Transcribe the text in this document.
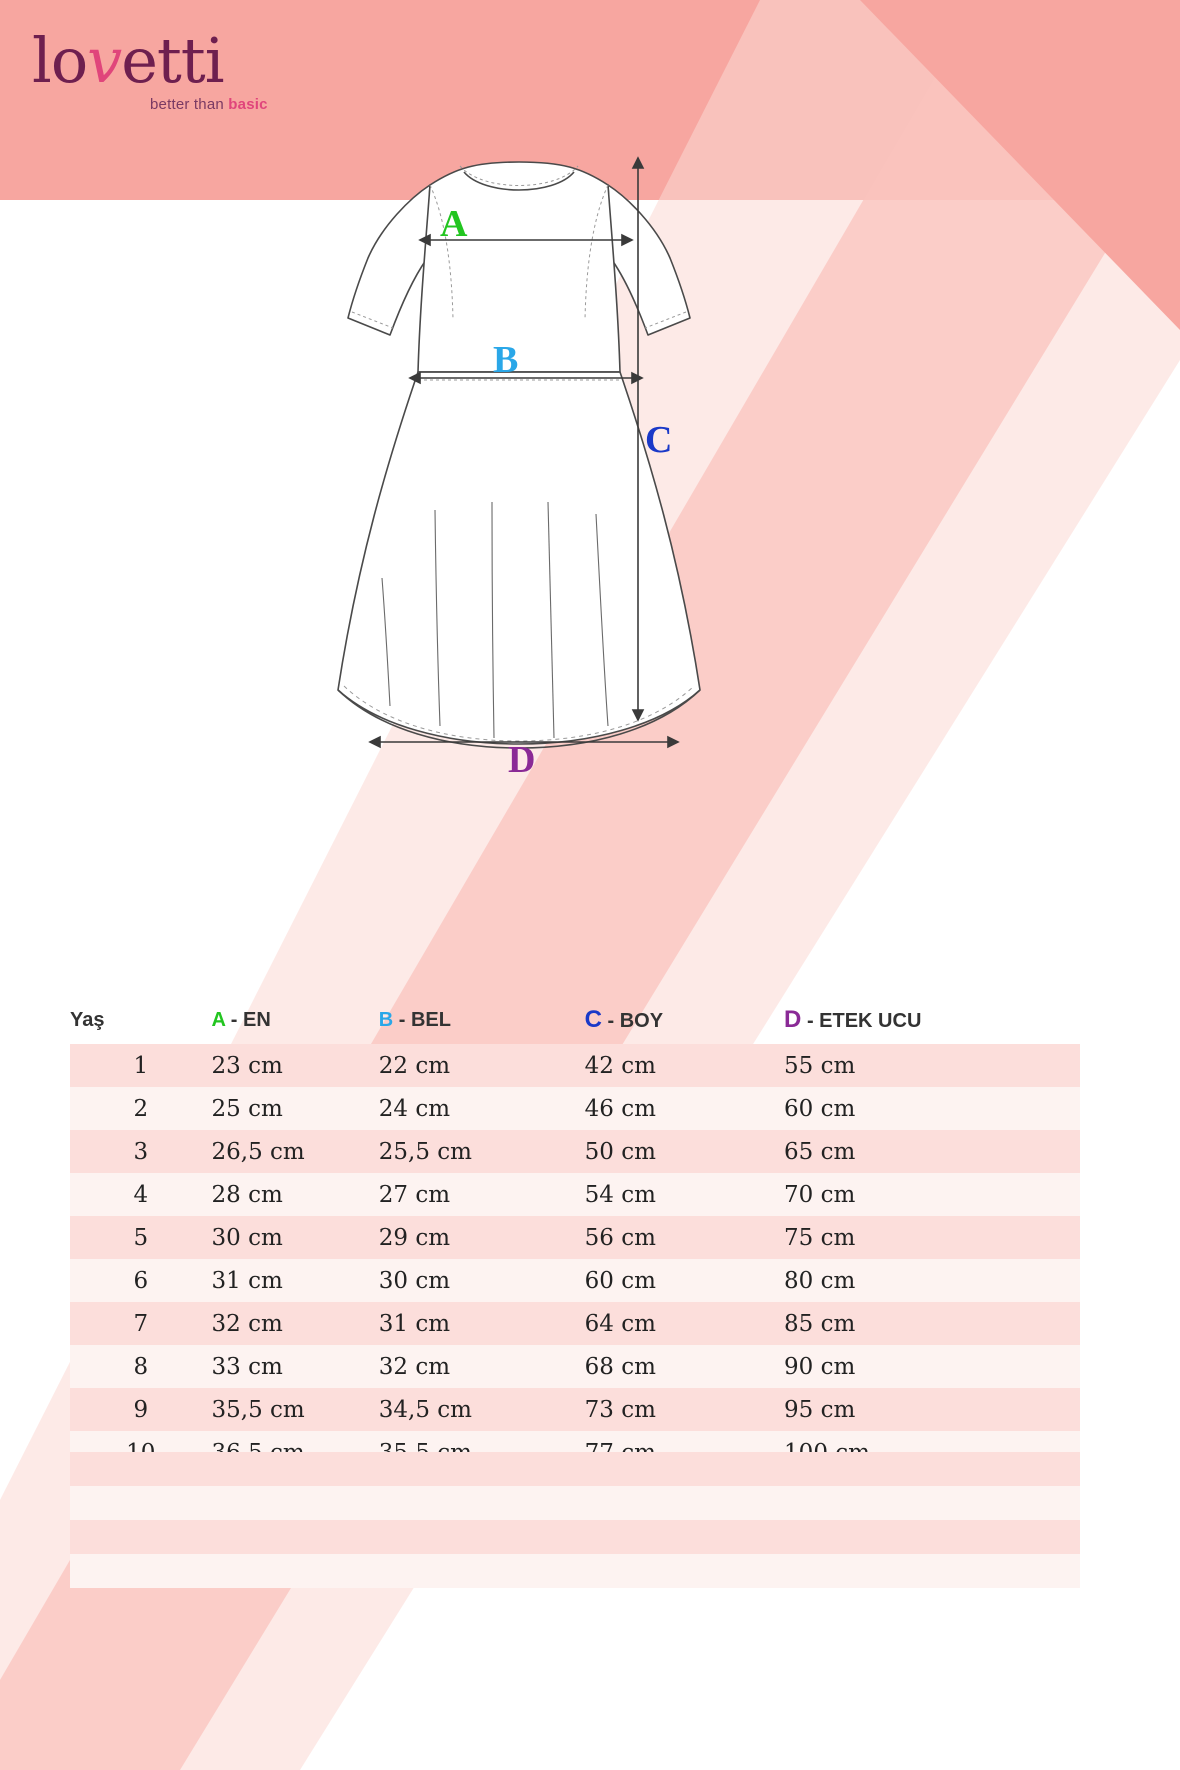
lovetti
better than basic
A
B
C
D
Yaş	A - EN	B - BEL	C - BOY	D - ETEK UCU
1	23 cm	22 cm	42 cm	55 cm
2	25 cm	24 cm	46 cm	60 cm
3	26,5 cm	25,5 cm	50 cm	65 cm
4	28 cm	27 cm	54 cm	70 cm
5	30 cm	29 cm	56 cm	75 cm
6	31 cm	30 cm	60 cm	80 cm
7	32 cm	31 cm	64 cm	85 cm
8	33 cm	32 cm	68 cm	90 cm
9	35,5 cm	34,5 cm	73 cm	95 cm
